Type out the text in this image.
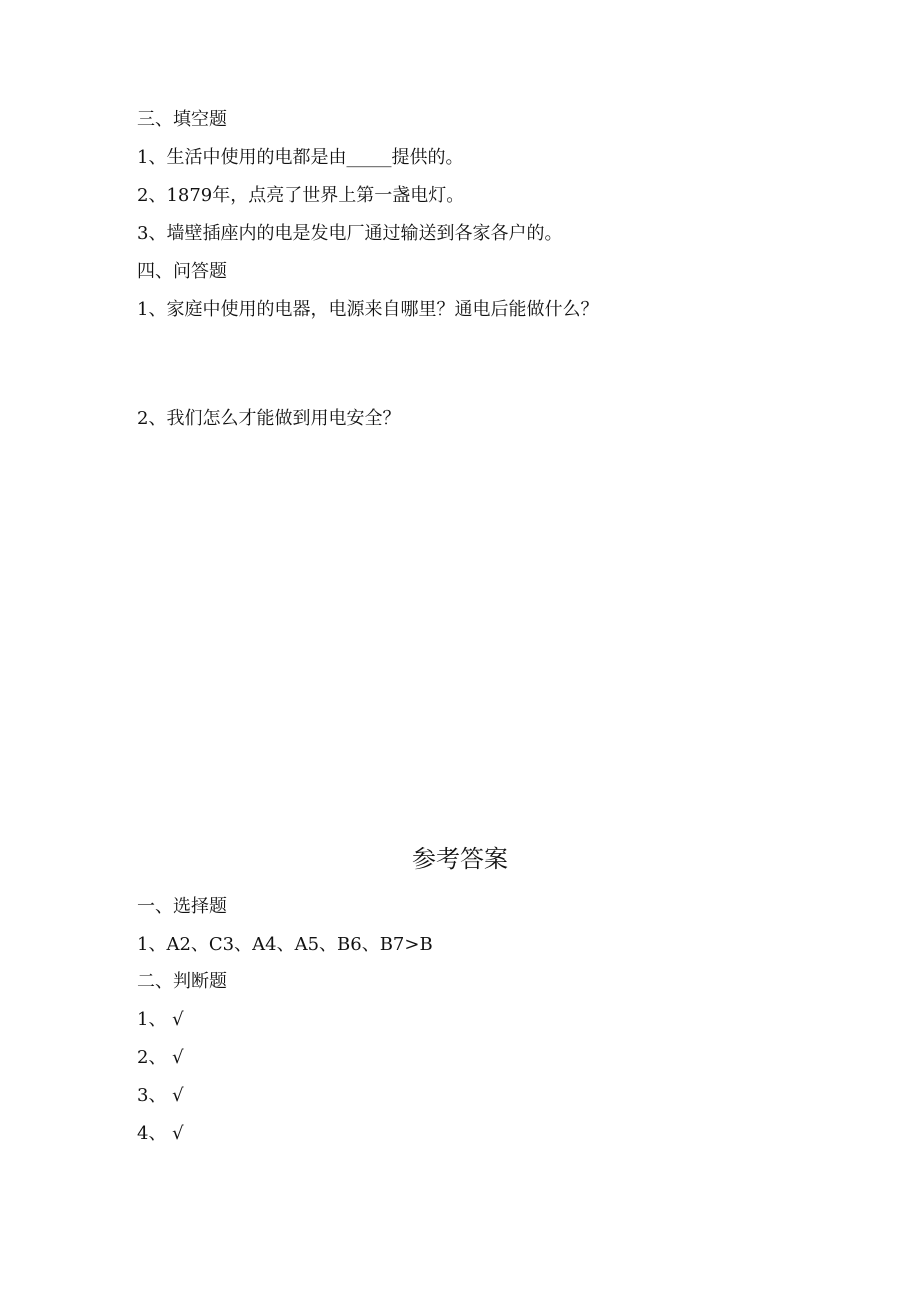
三、填空题
1、生活中使用的电都是由_____提供的。
2、1879年，点亮了世界上第一盏电灯。
3、墙壁插座内的电是发电厂通过输送到各家各户的。
四、问答题
1、家庭中使用的电器，电源来自哪里？通电后能做什么？
2、我们怎么才能做到用电安全？
参考答案
一、选择题
1、A2、C3、A4、A5、B6、B7>B
二、判断题
1、 √
2、 √
3、 √
4、 √
